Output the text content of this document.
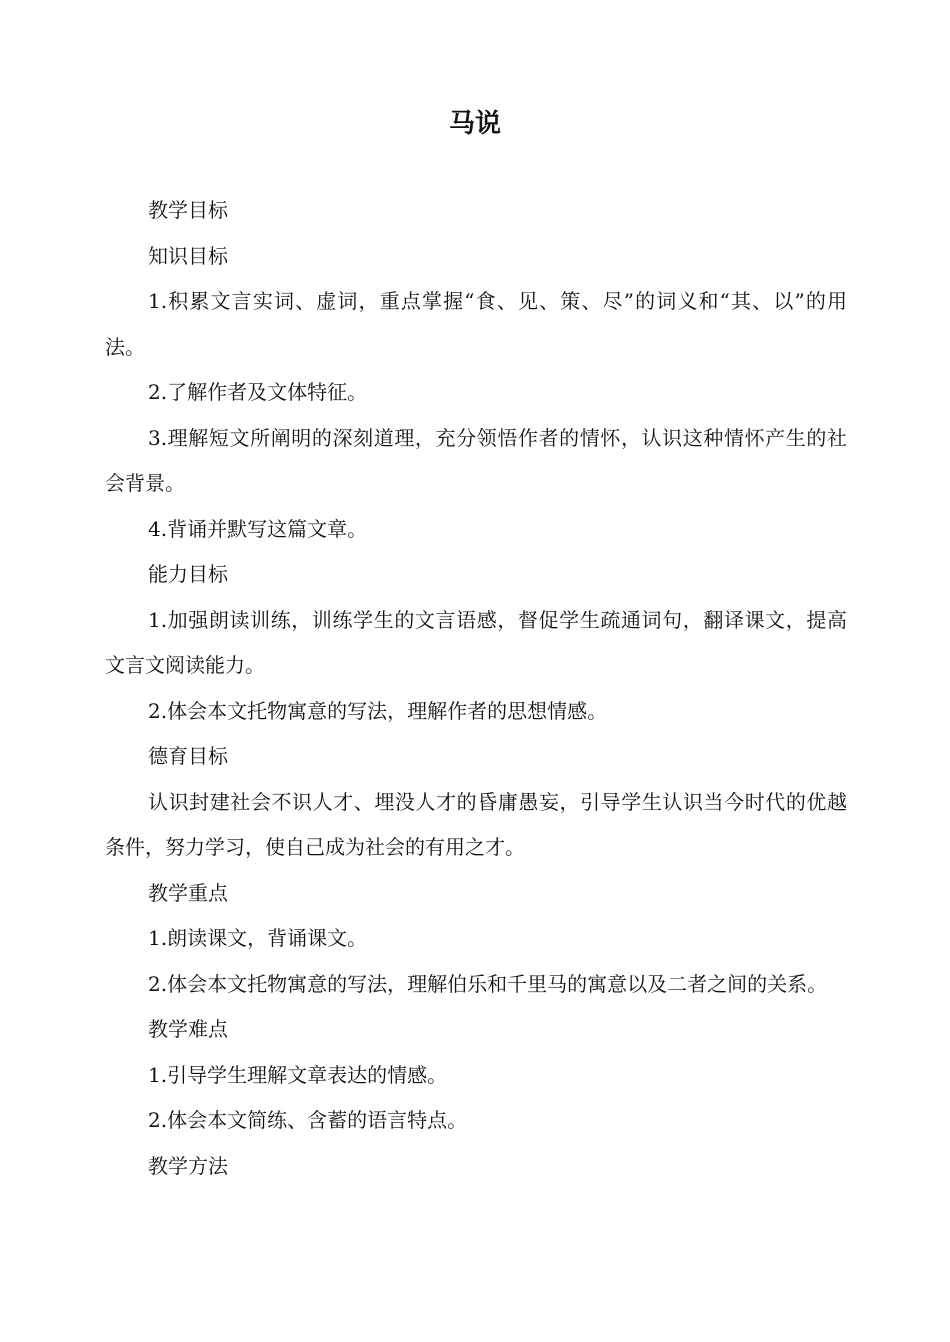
马说

教学目标

知识目标

1.积累文言实词、虚词，重点掌握“食、见、策、尽”的词义和“其、以”的用法。

2.了解作者及文体特征。

3.理解短文所阐明的深刻道理，充分领悟作者的情怀，认识这种情怀产生的社会背景。

4.背诵并默写这篇文章。

能力目标

1.加强朗读训练，训练学生的文言语感，督促学生疏通词句，翻译课文，提高文言文阅读能力。

2.体会本文托物寓意的写法，理解作者的思想情感。

德育目标

认识封建社会不识人才、埋没人才的昏庸愚妄，引导学生认识当今时代的优越条件，努力学习，使自己成为社会的有用之才。

教学重点

1.朗读课文，背诵课文。

2.体会本文托物寓意的写法，理解伯乐和千里马的寓意以及二者之间的关系。

教学难点

1.引导学生理解文章表达的情感。

2.体会本文简练、含蓄的语言特点。

教学方法
